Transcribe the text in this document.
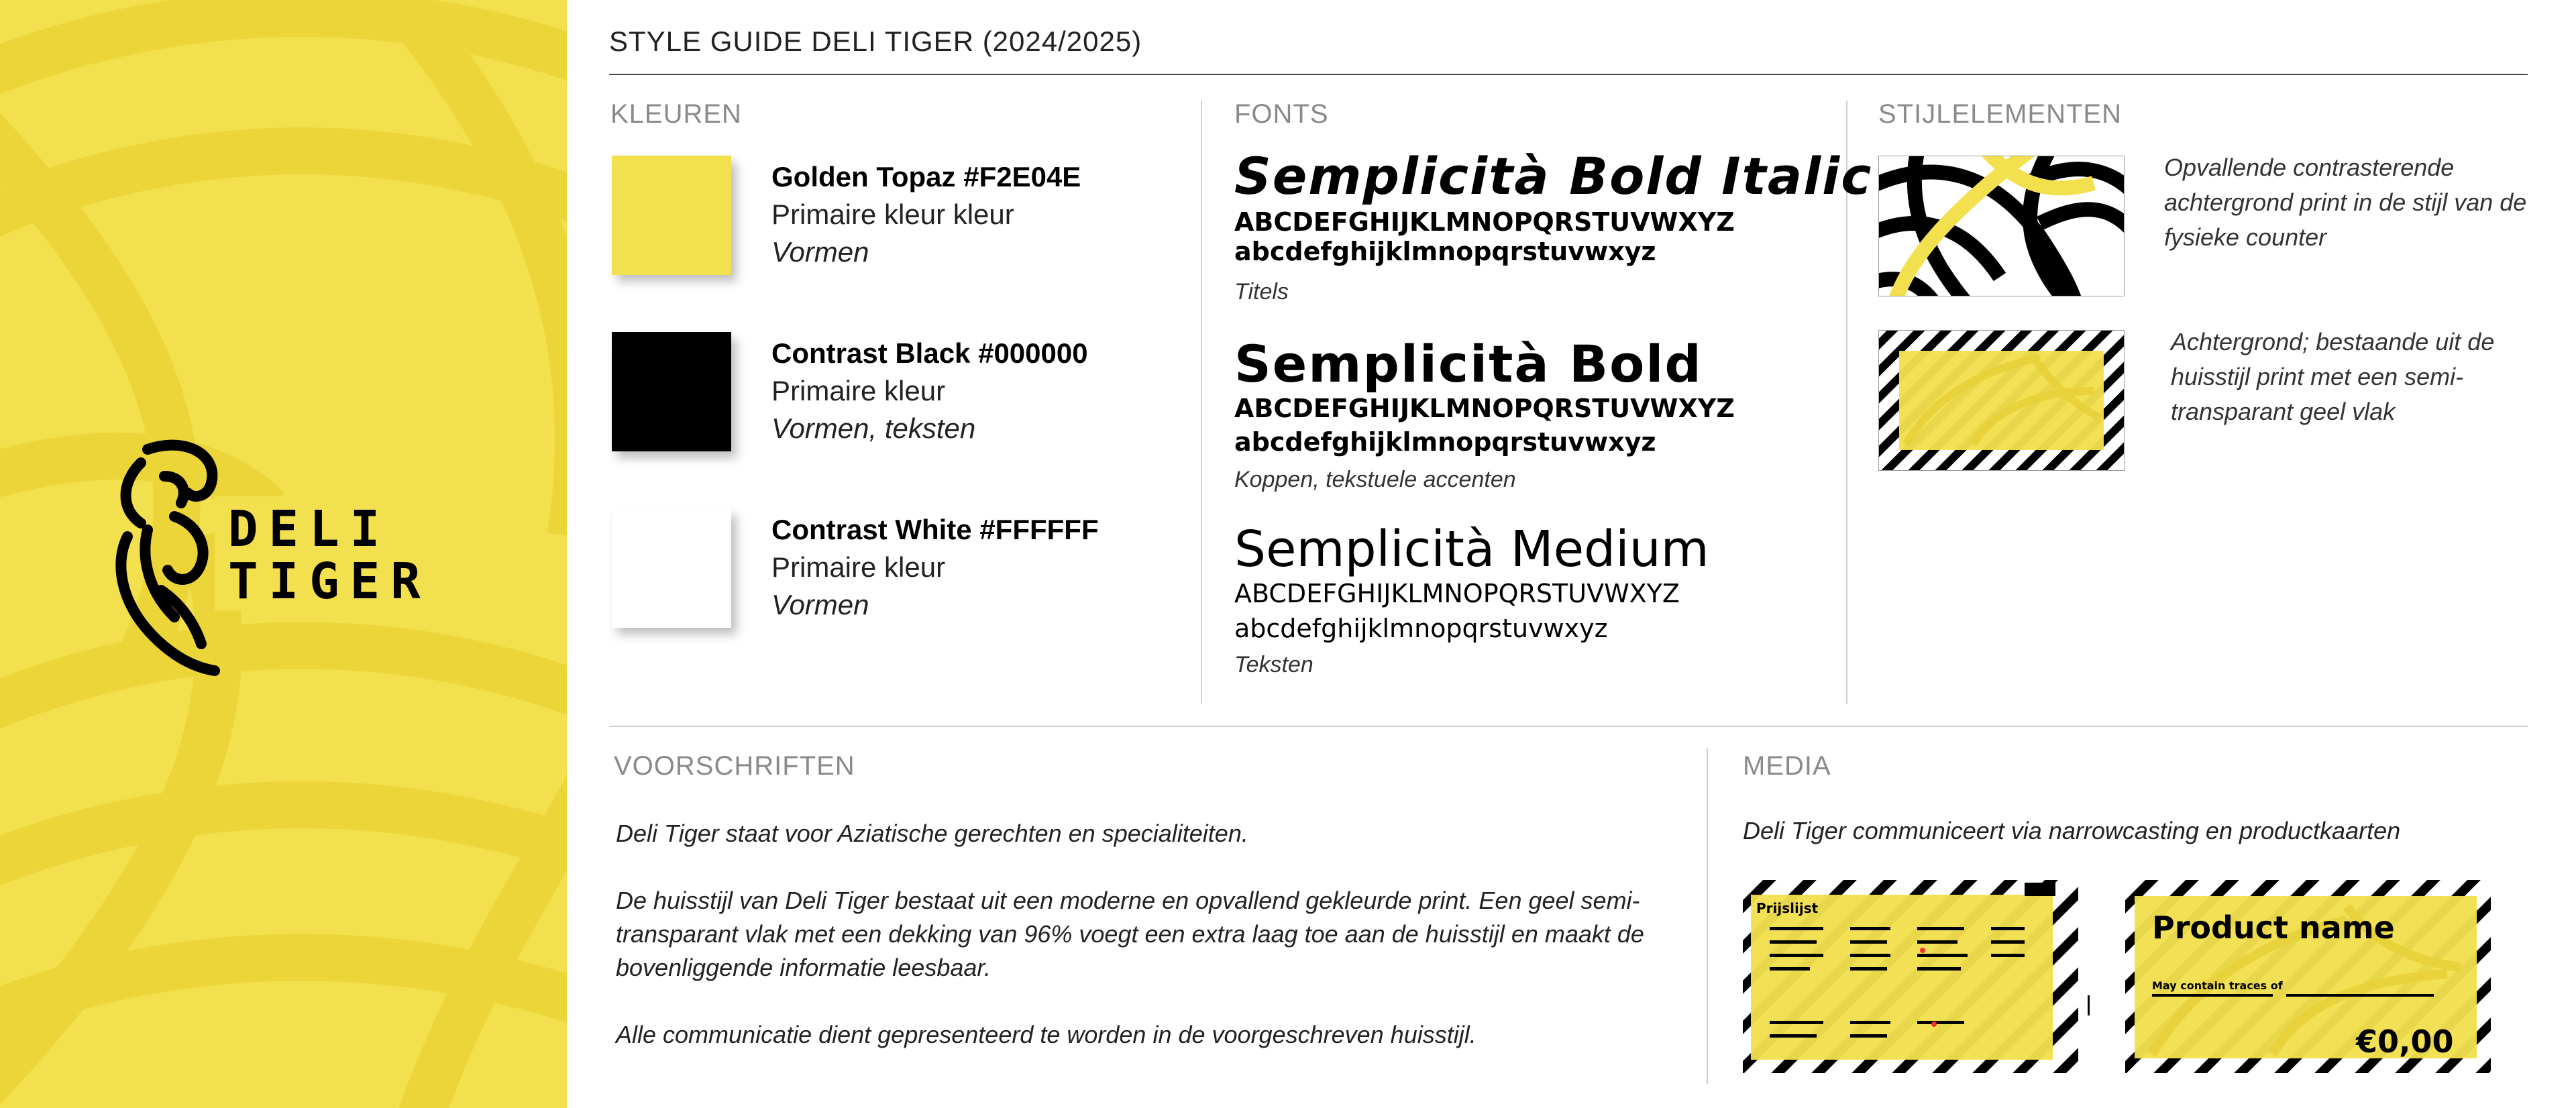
DELI
TIGER
STYLE GUIDE DELI TIGER (2024/2025)
KLEUREN	FONTS	STIJLELEMENTEN
Golden Topaz #F2E04E
Primaire kleur kleur
Vormen
Contrast Black #000000
Primaire kleur
Vormen, teksten
Contrast White #FFFFFF
Primaire kleur
Vormen
Semplicità Bold Italic
ABCDEFGHIJKLMNOPQRSTUVWXYZ
abcdefghijklmnopqrstuvwxyz
Titels
Semplicità Bold
ABCDEFGHIJKLMNOPQRSTUVWXYZ
abcdefghijklmnopqrstuvwxyz
Koppen, tekstuele accenten
Semplicità Medium
ABCDEFGHIJKLMNOPQRSTUVWXYZ
abcdefghijklmnopqrstuvwxyz
Teksten
Opvallende contrasterende achtergrond print in de stijl van de fysieke counter
Achtergrond; bestaande uit de huisstijl print met een semi-transparant geel vlak
VOORSCHRIFTEN
Deli Tiger staat voor Aziatische gerechten en specialiteiten.
De huisstijl van Deli Tiger bestaat uit een moderne en opvallend gekleurde print. Een geel semi-transparant vlak met een dekking van 96% voegt een extra laag toe aan de huisstijl en maakt de bovenliggende informatie leesbaar.
Alle communicatie dient gepresenteerd te worden in de voorgeschreven huisstijl.
MEDIA
Deli Tiger communiceert via narrowcasting en productkaarten
Prijslijst
Product name
May contain traces of
€0,00
